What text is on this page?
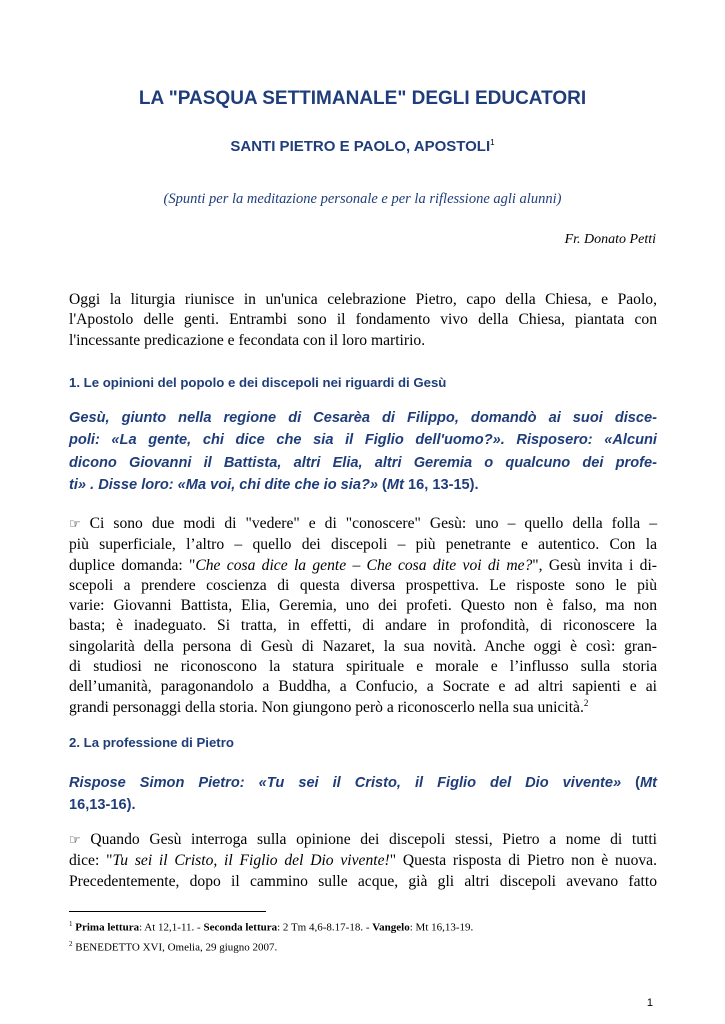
LA "PASQUA SETTIMANALE" DEGLI EDUCATORI
SANTI PIETRO E PAOLO, APOSTOLI$^1$
(Spunti per la meditazione personale e per la riflessione agli alunni)
Fr. Donato Petti
Oggi la liturgia riunisce in un'unica celebrazione Pietro, capo della Chiesa, e Paolo,
l'Apostolo delle genti. Entrambi sono il fondamento vivo della Chiesa, piantata con
l'incessante predicazione e fecondata con il loro martirio.
1. Le opinioni del popolo e dei discepoli nei riguardi di Gesù
Gesù, giunto nella regione di Cesarèa di Filippo, domandò ai suoi disce-
poli: «La gente, chi dice che sia il Figlio dell'uomo?». Risposero: «Alcuni
dicono Giovanni il Battista, altri Elia, altri Geremia o qualcuno dei profe-
ti» . Disse loro: «Ma voi, chi dite che io sia?» (Mt 16, 13-15).
☞ Ci sono due modi di "vedere" e di "conoscere" Gesù: uno – quello della folla –
più superficiale, l’altro – quello dei discepoli – più penetrante e autentico. Con la
duplice domanda: "Che cosa dice la gente – Che cosa dite voi di me?", Gesù invita i di-
scepoli a prendere coscienza di questa diversa prospettiva. Le risposte sono le più
varie: Giovanni Battista, Elia, Geremia, uno dei profeti. Questo non è falso, ma non
basta; è inadeguato. Si tratta, in effetti, di andare in profondità, di riconoscere la
singolarità della persona di Gesù di Nazaret, la sua novità. Anche oggi è così: gran-
di studiosi ne riconoscono la statura spirituale e morale e l’influsso sulla storia
dell’umanità, paragonandolo a Buddha, a Confucio, a Socrate e ad altri sapienti e ai
grandi personaggi della storia. Non giungono però a riconoscerlo nella sua unicità.$^2$
2. La professione di Pietro
Rispose Simon Pietro: «Tu sei il Cristo, il Figlio del Dio vivente» (Mt
16,13-16).
☞ Quando Gesù interroga sulla opinione dei discepoli stessi, Pietro a nome di tutti
dice: "Tu sei il Cristo, il Figlio del Dio vivente!" Questa risposta di Pietro non è nuova.
Precedentemente, dopo il cammino sulle acque, già gli altri discepoli avevano fatto
$^1$ Prima lettura: At 12,1-11. - Seconda lettura: 2 Tm 4,6-8.17-18. - Vangelo: Mt 16,13-19.
$^2$ BENEDETTO XVI, Omelia, 29 giugno 2007.
1
